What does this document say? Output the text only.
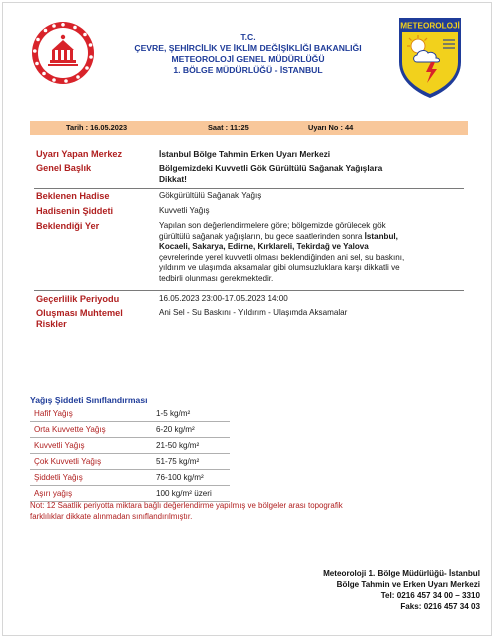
T.C.
ÇEVRE, ŞEHİRCİLİK VE İKLİM DEĞİŞİKLİĞİ BAKANLIĞI
METEOROLOJİ GENEL MÜDÜRLÜĞÜ
1. BÖLGE MÜDÜRLÜĞÜ - İSTANBUL
METEOROLOJİ
Tarih : 16.05.2023	Saat : 11:25	Uyarı No : 44
Uyarı Yapan Merkez	İstanbul Bölge Tahmin Erken Uyarı Merkezi
Genel Başlık	Bölgemizdeki Kuvvetli Gök Gürültülü Sağanak Yağışlara
Dikkat!
Beklenen Hadise	Gökgürültülü Sağanak Yağış
Hadisenin Şiddeti	Kuvvetli Yağış
Beklendiği Yer	Yapılan son değerlendirmelere göre; bölgemizde görülecek gök
gürültülü sağanak yağışların, bu gece saatlerinden sonra İstanbul,
Kocaeli, Sakarya, Edirne, Kırklareli, Tekirdağ ve Yalova
çevrelerinde yerel kuvvetli olması beklendiğinden ani sel, su baskını,
yıldırım ve ulaşımda aksamalar gibi olumsuzluklara karşı dikkatli ve
tedbirli olunması gerekmektedir.
Geçerlilik Periyodu	16.05.2023 23:00-17.05.2023 14:00
Oluşması Muhtemel
Riskler
Ani Sel - Su Baskını - Yıldırım - Ulaşımda Aksamalar
Yağış Şiddeti Sınıflandırması
Hafif Yağış	1-5 kg/m²
Orta Kuvvette Yağış	6-20 kg/m²
Kuvvetli Yağış	21-50 kg/m²
Çok Kuvvetli Yağış	51-75 kg/m²
Şiddetli Yağış	76-100 kg/m²
Aşırı yağış	100 kg/m² üzeri
Not: 12 Saatlik periyotta miktara bağlı değerlendirme yapılmış ve bölgeler arası topografik
farklılıklar dikkate alınmadan sınıflandırılmıştır.
Meteoroloji 1. Bölge Müdürlüğü- İstanbul
Bölge Tahmin ve Erken Uyarı Merkezi
Tel: 0216 457 34 00 – 3310
Faks: 0216 457 34 03
